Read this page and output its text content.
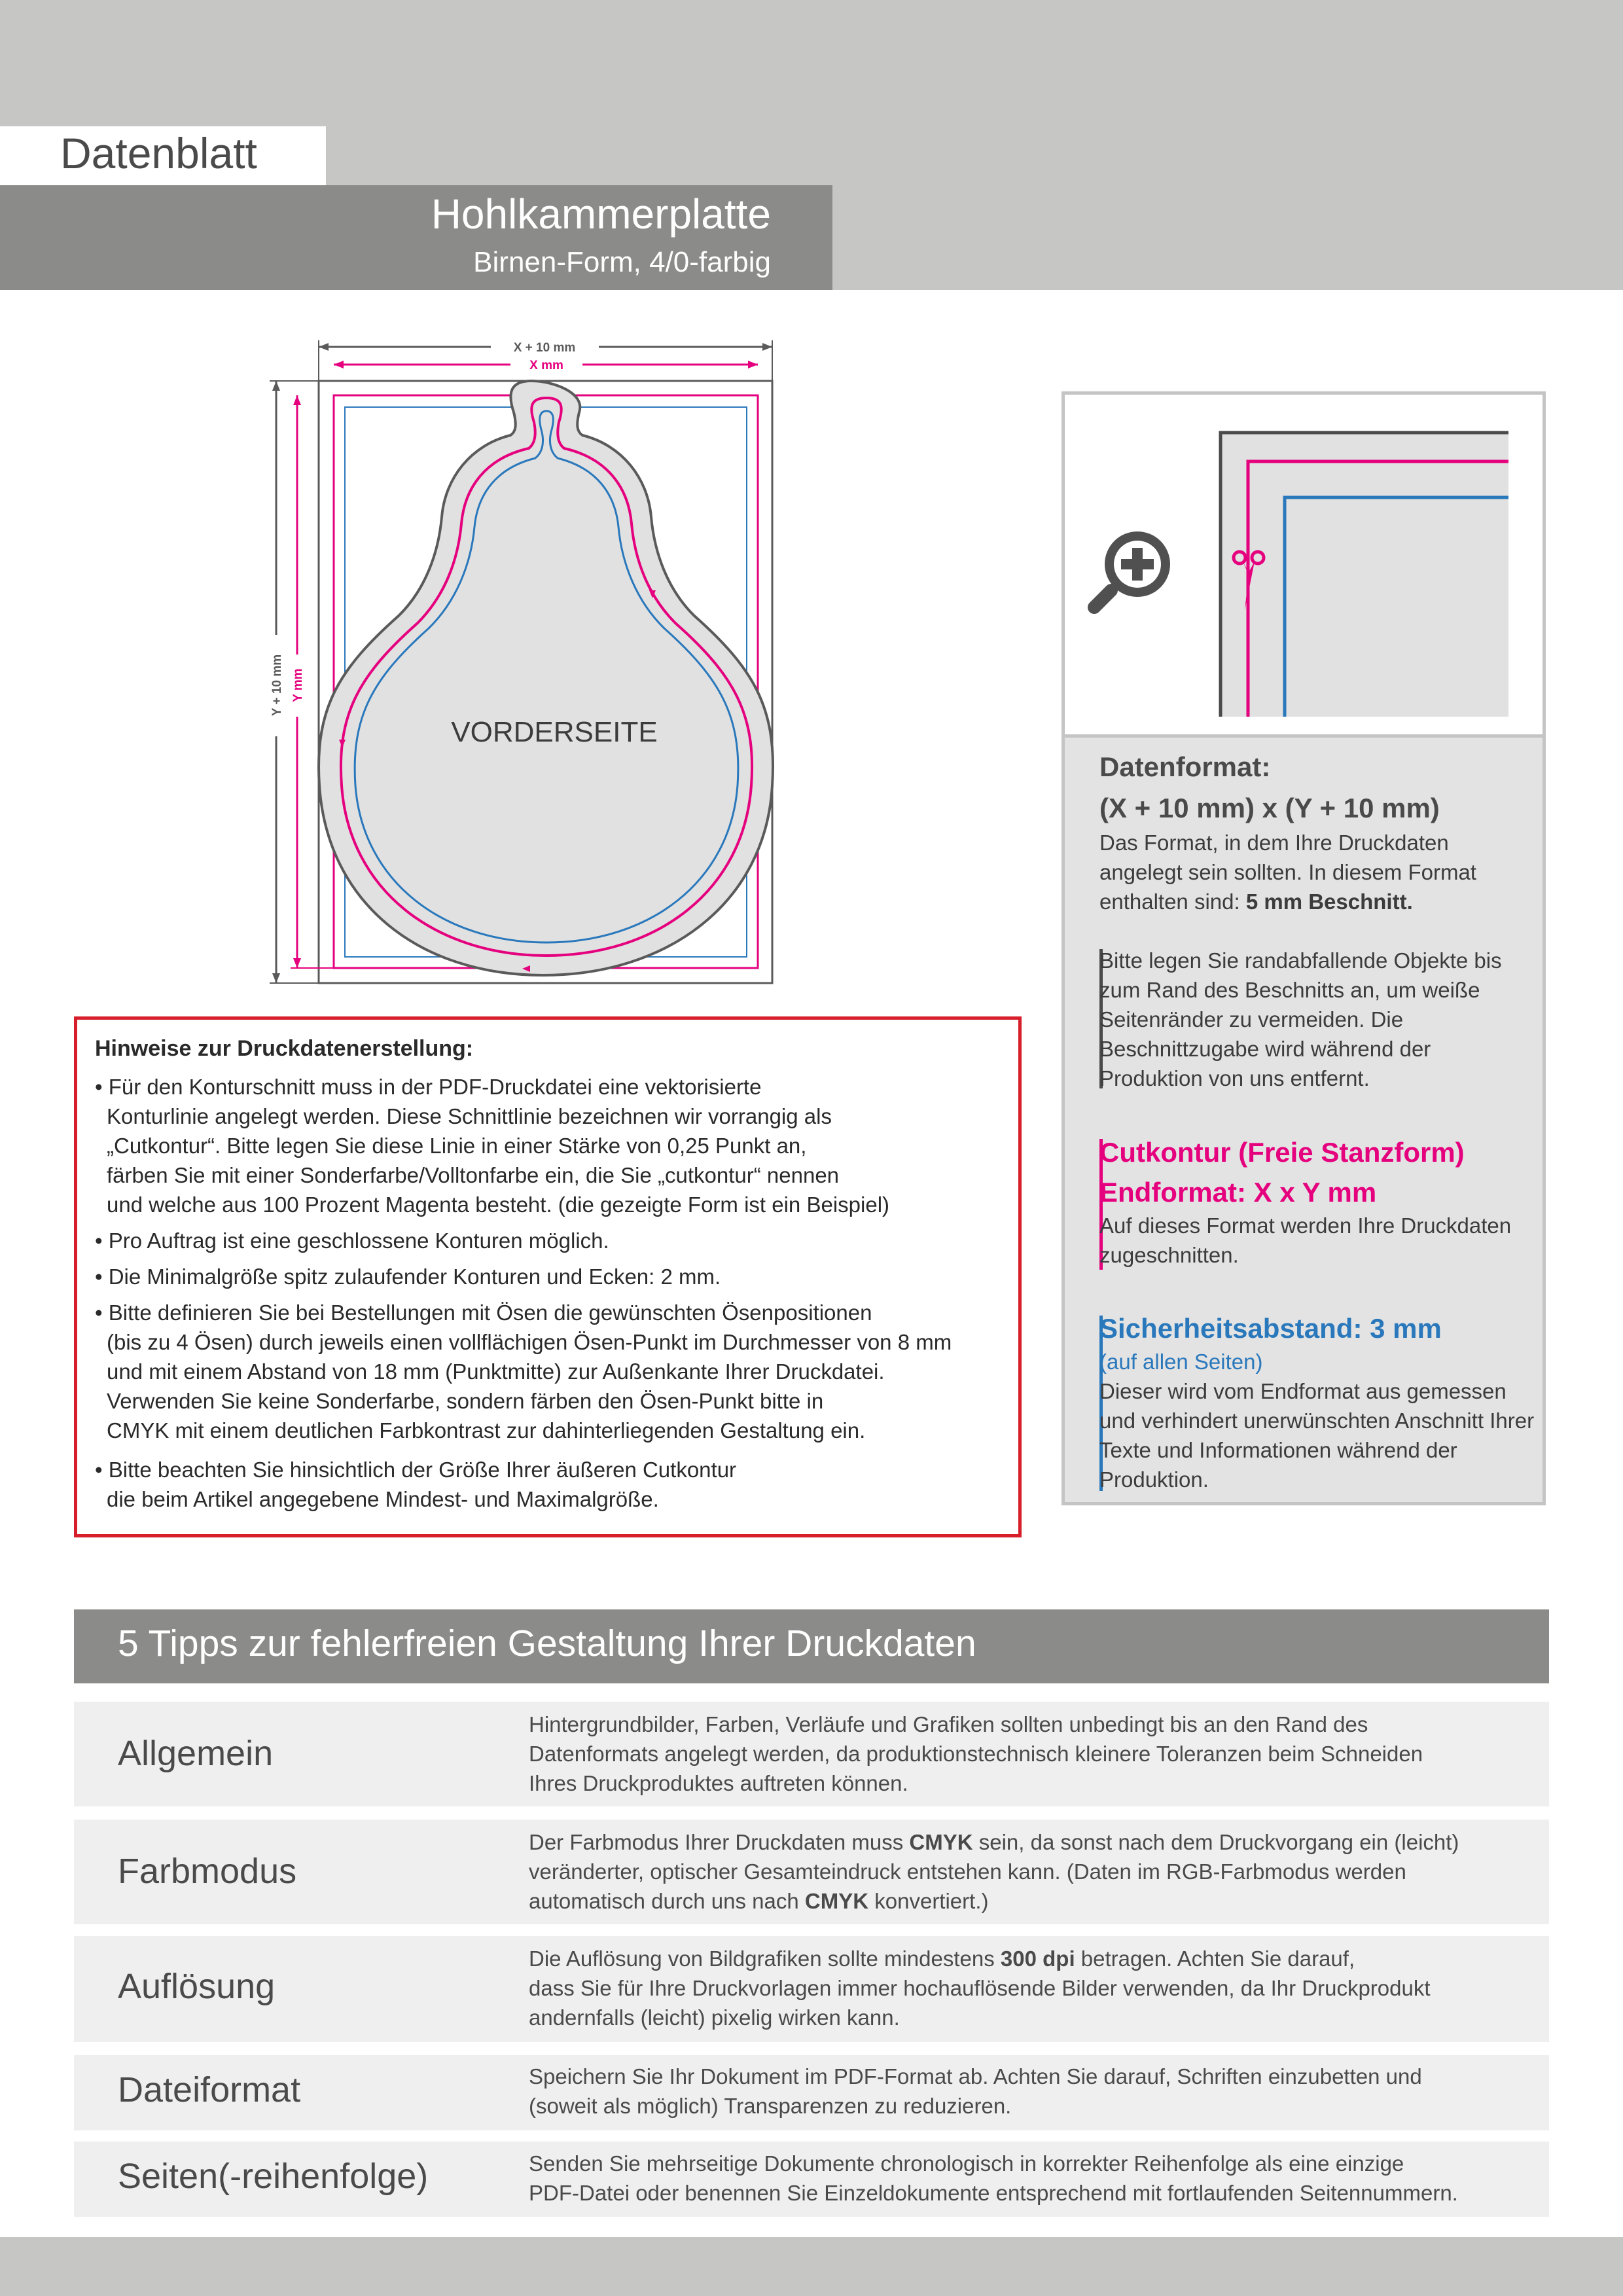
Datenblatt
Hohlkammerplatte
Birnen-Form, 4/0-farbig
X + 10 mm
X mm
Y + 10 mm Y mm
VORDERSEITE
Datenformat:
(X + 10 mm) x (Y + 10 mm)
Das Format, in dem Ihre Druckdaten
angelegt sein sollten. In diesem Format
enthalten sind: 5 mm Beschnitt.
Bitte legen Sie randabfallende Objekte bis zum Rand des Beschnitts an, um weiße Seitenränder zu vermeiden. Die Beschnittzugabe wird während der Produktion von uns entfernt.
Cutkontur (Freie Stanzform)
Endformat: X x Y mm
Auf dieses Format werden Ihre Druckdaten zugeschnitten.
Sicherheitsabstand: 3 mm
(auf allen Seiten)
Dieser wird vom Endformat aus gemessen und verhindert unerwünschten Anschnitt Ihrer Texte und Informationen während der Produktion.
Hinweise zur Druckdatenerstellung:
• Für den Konturschnitt muss in der PDF-Druckdatei eine vektorisierte
Konturlinie angelegt werden. Diese Schnittlinie bezeichnen wir vorrangig als
„Cutkontur“. Bitte legen Sie diese Linie in einer Stärke von 0,25 Punkt an,
färben Sie mit einer Sonderfarbe/Volltonfarbe ein, die Sie „cutkontur“ nennen
und welche aus 100 Prozent Magenta besteht. (die gezeigte Form ist ein Beispiel)
• Pro Auftrag ist eine geschlossene Konturen möglich.
• Die Minimalgröße spitz zulaufender Konturen und Ecken: 2 mm.
• Bitte definieren Sie bei Bestellungen mit Ösen die gewünschten Ösenpositionen
(bis zu 4 Ösen) durch jeweils einen vollflächigen Ösen-Punkt im Durchmesser von 8 mm
und mit einem Abstand von 18 mm (Punktmitte) zur Außenkante Ihrer Druckdatei.
Verwenden Sie keine Sonderfarbe, sondern färben den Ösen-Punkt bitte in
CMYK mit einem deutlichen Farbkontrast zur dahinterliegenden Gestaltung ein.
• Bitte beachten Sie hinsichtlich der Größe Ihrer äußeren Cutkontur
die beim Artikel angegebene Mindest- und Maximalgröße.
5 Tipps zur fehlerfreien Gestaltung Ihrer Druckdaten
Allgemein
Hintergrundbilder, Farben, Verläufe und Grafiken sollten unbedingt bis an den Rand des
Datenformats angelegt werden, da produktionstechnisch kleinere Toleranzen beim Schneiden
Ihres Druckproduktes auftreten können.
Farbmodus
Der Farbmodus Ihrer Druckdaten muss CMYK sein, da sonst nach dem Druckvorgang ein (leicht)
veränderter, optischer Gesamteindruck entstehen kann. (Daten im RGB-Farbmodus werden
automatisch durch uns nach CMYK konvertiert.)
Auflösung
Die Auflösung von Bildgrafiken sollte mindestens 300 dpi betragen. Achten Sie darauf,
dass Sie für Ihre Druckvorlagen immer hochauflösende Bilder verwenden, da Ihr Druckprodukt
andernfalls (leicht) pixelig wirken kann.
Dateiformat	Speichern Sie Ihr Dokument im PDF-Format ab. Achten Sie darauf, Schriften einzubetten und
(soweit als möglich) Transparenzen zu reduzieren.
Seiten(-reihenfolge)	Senden Sie mehrseitige Dokumente chronologisch in korrekter Reihenfolge als eine einzige
PDF-Datei oder benennen Sie Einzeldokumente entsprechend mit fortlaufenden Seitennummern.
